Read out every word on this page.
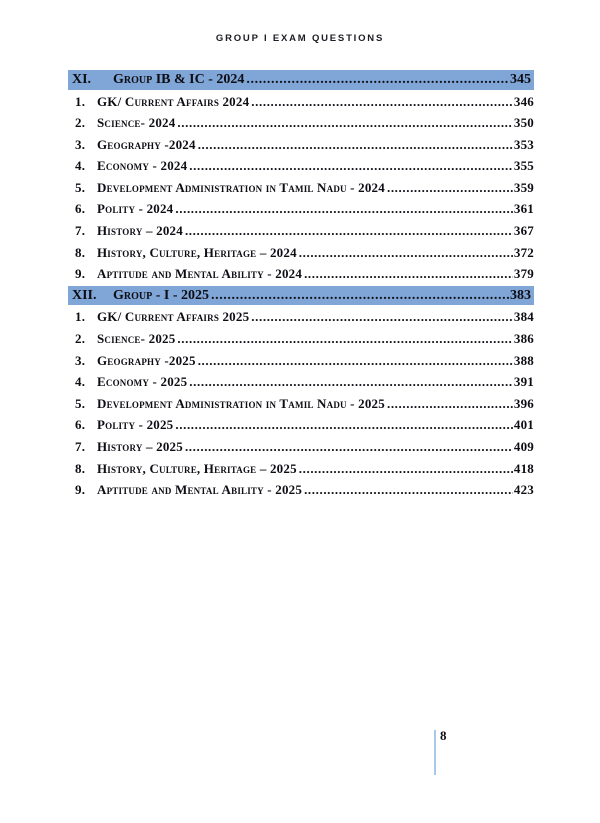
GROUP I EXAM QUESTIONS
XI.	Group IB & IC - 2024 .....	345
1. GK/ Current Affairs 2024 .....	346
2. Science- 2024 .....	350
3. Geography -2024 .....	353
4. Economy - 2024 .....	355
5. Development Administration in Tamil Nadu - 2024 .....	359
6. Polity - 2024 .....	361
7. History – 2024 .....	367
8. History, Culture, Heritage – 2024 .....	372
9. Aptitude and Mental Ability - 2024 .....	379
XII.	Group - I - 2025 .....	383
1. GK/ Current Affairs 2025 .....	384
2. Science- 2025 .....	386
3. Geography -2025 .....	388
4. Economy - 2025 .....	391
5. Development Administration in Tamil Nadu - 2025 .....	396
6. Polity - 2025 .....	401
7. History – 2025 .....	409
8. History, Culture, Heritage – 2025 .....	418
9. Aptitude and Mental Ability - 2025 .....	423
8
